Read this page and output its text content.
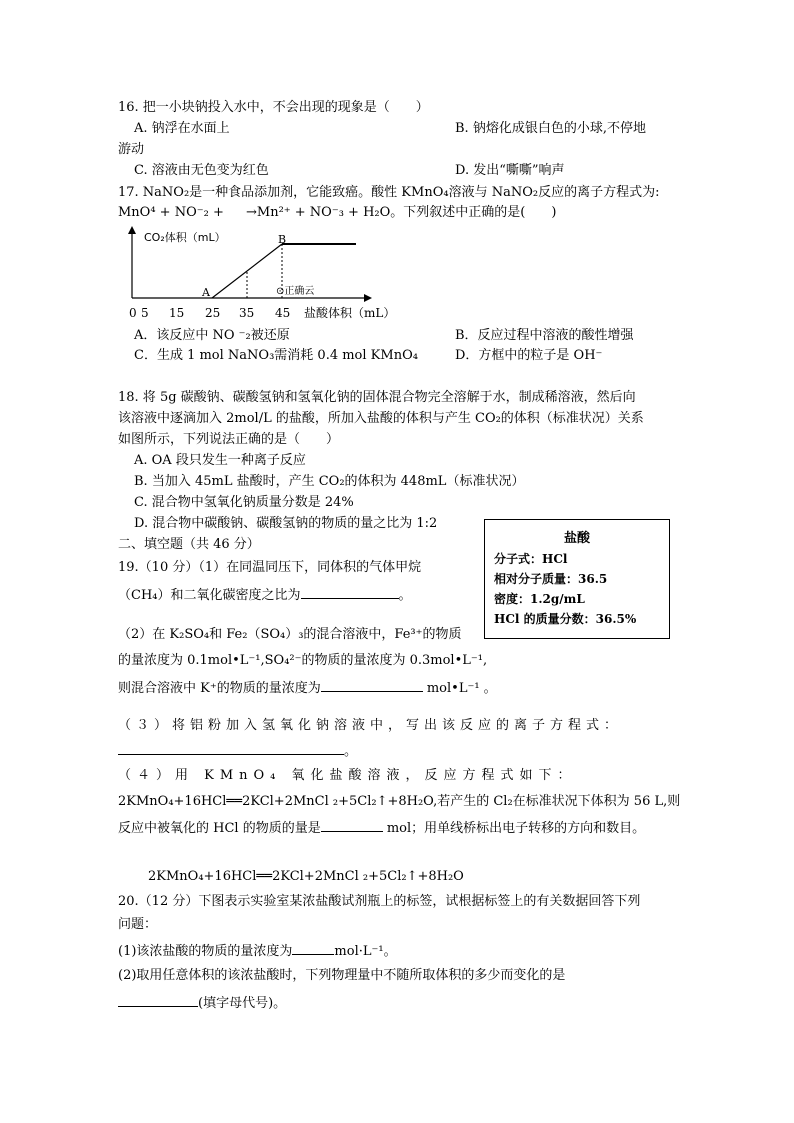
16. 把一小块钠投入水中，不会出现的现象是（　　）
A. 钠浮在水面上	B. 钠熔化成银白色的小球,不停地
游动
C. 溶液由无色变为红色	D. 发出“嘶嘶”响声
17. NaNO₂是一种食品添加剂，它能致癌。酸性 KMnO₄溶液与 NaNO₂反应的离子方程式为:
MnO⁴ + NO⁻₂ + →Mn²⁺ + NO⁻₃ + H₂O。下列叙述中正确的是(　　)
CO₂体积（mL）
盐酸体积（mL）
0 5 15 25 35 45
A
B
⊙正确云
A．该反应中 NO ⁻₂被还原	B．反应过程中溶液的酸性增强
C．生成 1 mol NaNO₃需消耗 0.4 mol KMnO₄	D．方框中的粒子是 OH⁻
18. 将 5g 碳酸钠、碳酸氢钠和氢氧化钠的固体混合物完全溶解于水，制成稀溶液，然后向
该溶液中逐滴加入 2mol/L 的盐酸，所加入盐酸的体积与产生 CO₂的体积（标准状况）关系
如图所示，下列说法正确的是（　　）
A. OA 段只发生一种离子反应
B. 当加入 45mL 盐酸时，产生 CO₂的体积为 448mL（标准状况）
C. 混合物中氢氧化钠质量分数是 24%
D. 混合物中碳酸钠、碳酸氢钠的物质的量之比为 1:2
二、填空题（共 46 分）	盐酸
分子式：HCl
相对分子质量：36.5
密度：1.2g/mL
HCl 的质量分数：36.5%
19.（10 分）（1）在同温同压下，同体积的气体甲烷
（CH₄）和二氧化碳密度之比为	。
（2）在 K₂SO₄和 Fe₂（SO₄）₃的混合溶液中，Fe³⁺的物质
的量浓度为 0.1mol•L⁻¹,SO₄²⁻的物质的量浓度为 0.3mol•L⁻¹,
则混合溶液中 K⁺的物质的量浓度为	mol•L⁻¹ 。
（３）将铝粉加入氢氧化钠溶液中，写出该反应的离子方程式：
。
（４）用 KMnO₄ 氧化盐酸溶液，反应方程式如下：
2KMnO₄+16HCl══2KCl+2MnCl ₂+5Cl₂↑+8H₂O,若产生的 Cl₂在标准状况下体积为 56 L,则
反应中被氧化的 HCl 的物质的量是	mol；用单线桥标出电子转移的方向和数目。
2KMnO₄+16HCl══2KCl+2MnCl ₂+5Cl₂↑+8H₂O
20.（12 分）下图表示实验室某浓盐酸试剂瓶上的标签，试根据标签上的有关数据回答下列
问题：
(1)该浓盐酸的物质的量浓度为	mol·L⁻¹。
(2)取用任意体积的该浓盐酸时，下列物理量中不随所取体积的多少而变化的是
(填字母代号)。
